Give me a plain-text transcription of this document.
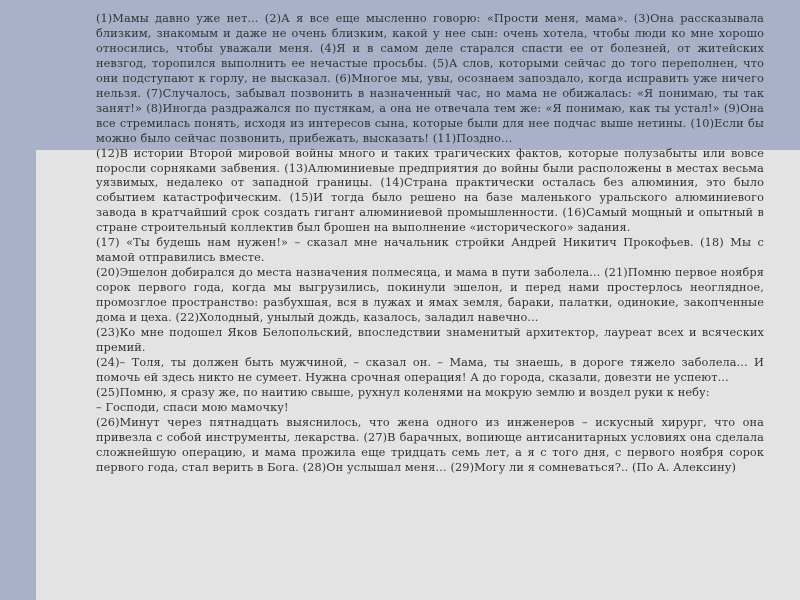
(1)Мамы давно уже нет... (2)А я все еще мысленно говорю: «Прости меня, мама». (3)Она рассказывала близким, знакомым и даже не очень близким, какой у нее сын: очень хотела, чтобы люди ко мне хорошо относились, чтобы уважали меня. (4)Я и в самом деле старался спасти ее от болезней, от житейских невзгод, торопился выполнить ее нечастые просьбы. (5)А слов, которыми сейчас до того переполнен, что они подступают к горлу, не высказал. (6)Многое мы, увы, осознаем запоздало, когда исправить уже ничего нельзя. (7)Случалось, забывал позвонить в назначенный час, но мама не обижалась: «Я понимаю, ты так занят!» (8)Иногда раздражался по пустякам, а она не отвечала тем же: «Я понимаю, как ты устал!» (9)Она все стремилась понять, исходя из интересов сына, которые были для нее подчас выше нетины. (10)Если бы можно было сейчас позвонить, прибежать, высказать! (11)Поздно…

(12)В истории Второй мировой войны много и таких трагических фактов, которые полузабыты или вовсе поросли сорняками забвения. (13)Алюминиевые предприятия до войны были расположены в местах весьма уязвимых, недалеко от западной границы. (14)Страна практически осталась без алюминия, это было событием катастрофическим. (15)И тогда было решено на базе маленького уральского алюминиевого завода в кратчайший срок создать гигант алюминиевой промышленности. (16)Самый мощный и опытный в стране строительный коллектив был брошен на выполнение «исторического» задания.

(17) «Ты будешь нам нужен!» – сказал мне начальник стройки Андрей Никитич Прокофьев. (18) Мы с мамой отправились вместе.

(20)Эшелон добирался до места назначения полмесяца, и мама в пути заболела... (21)Помню первое ноября сорок первого года, когда мы выгрузились, покинули эшелон, и перед нами простерлось неоглядное, промозглое пространство: разбухшая, вся в лужах и ямах земля, бараки, палатки, одинокие, закопченные дома и цеха. (22)Холодный, унылый дождь, казалось, заладил навечно...

(23)Ко мне подошел Яков Белопольский, впоследствии знаменитый архитектор, лауреат всех и всяческих премий.

(24)– Толя, ты должен быть мужчиной, – сказал он. – Мама, ты знаешь, в дороге тяжело заболела... И помочь ей здесь никто не сумеет. Нужна срочная операция! А до города, сказали, довезти не успеют...

(25)Помню, я сразу же, по наитию свыше, рухнул коленями на мокрую землю и воздел руки к небу:

– Господи, спаси мою мамочку!

(26)Минут через пятнадцать выяснилось, что жена одного из инженеров – искусный хирург, что она привезла с собой инструменты, лекарства. (27)В барачных, вопиюще антисанитарных условиях она сделала сложнейшую операцию, и мама прожила еще тридцать семь лет, а я с того дня, с первого ноября сорок первого года, стал верить в Бога. (28)Он услышал меня… (29)Могу ли я сомневаться?.. (По А. Алексину)
